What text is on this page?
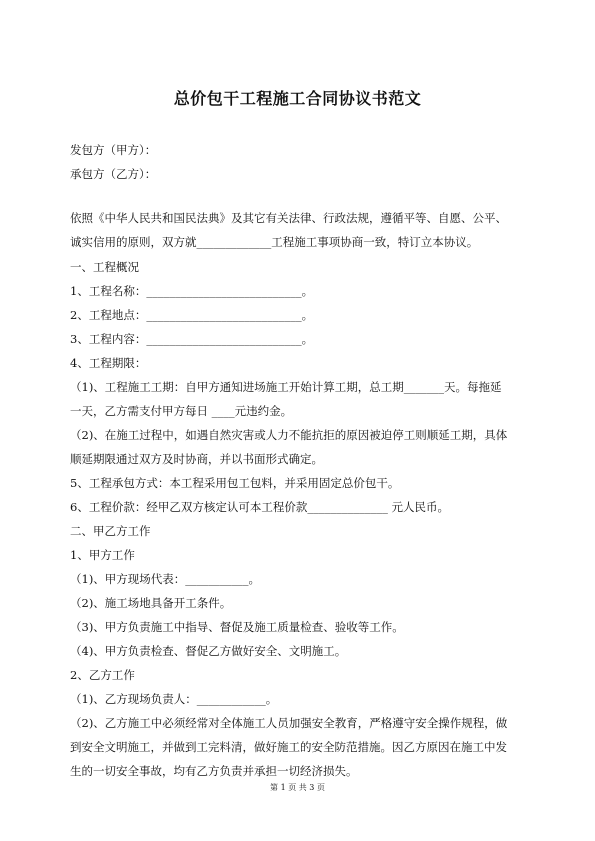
总价包干工程施工合同协议书范文

发包方（甲方）：

承包方（乙方）：

依照《中华人民共和国民法典》及其它有关法律、行政法规，遵循平等、自愿、公平、

诚实信用的原则，双方就_____________工程施工事项协商一致，特订立本协议。

一、工程概况

1、工程名称：___________________________。

2、工程地点：___________________________。

3、工程内容：___________________________。

4、工程期限：

（1)、工程施工工期：自甲方通知进场施工开始计算工期，总工期_______天。每拖延

一天，乙方需支付甲方每日 ____元违约金。

（2)、在施工过程中，如遇自然灾害或人力不能抗拒的原因被迫停工则顺延工期，具体

顺延期限通过双方及时协商，并以书面形式确定。

5、工程承包方式：本工程采用包工包料，并采用固定总价包干。

6、工程价款：经甲乙双方核定认可本工程价款______________ 元人民币。

二、甲乙方工作

1、甲方工作

（1)、甲方现场代表：___________。

（2)、施工场地具备开工条件。

（3)、甲方负责施工中指导、督促及施工质量检查、验收等工作。

（4)、甲方负责检查、督促乙方做好安全、文明施工。

2、乙方工作

（1)、乙方现场负责人：____________。

（2)、乙方施工中必须经常对全体施工人员加强安全教育，严格遵守安全操作规程，做

到安全文明施工，并做到工完料清，做好施工的安全防范措施。因乙方原因在施工中发

生的一切安全事故，均有乙方负责并承担一切经济损失。

第 1 页 共 3 页
